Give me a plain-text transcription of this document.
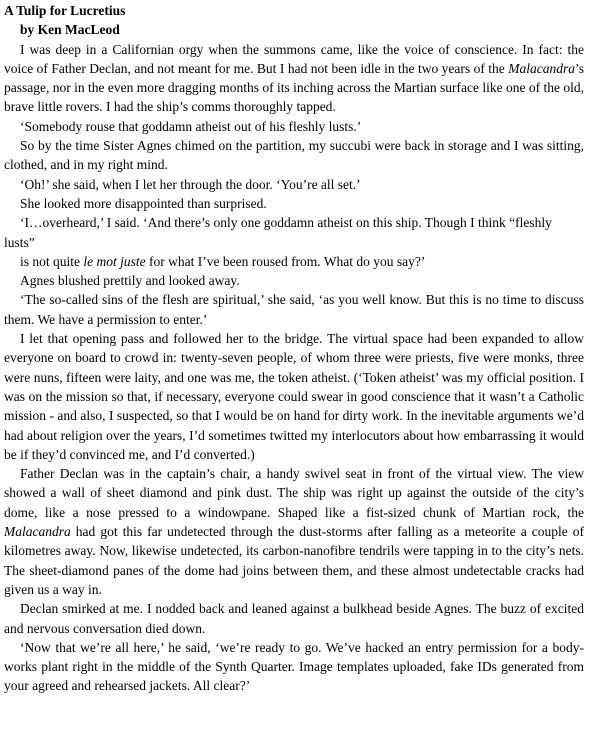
A Tulip for Lucretius

by Ken MacLeod

I was deep in a Californian orgy when the summons came, like the voice of conscience. In fact: the voice of Father Declan, and not meant for me. But I had not been idle in the two years of the Malacandra’s passage, nor in the even more dragging months of its inching across the Martian surface like one of the old, brave little rovers. I had the ship’s comms thoroughly tapped.

‘Somebody rouse that goddamn atheist out of his fleshly lusts.’

So by the time Sister Agnes chimed on the partition, my succubi were back in storage and I was sitting, clothed, and in my right mind.

‘Oh!’ she said, when I let her through the door. ‘You’re all set.’

She looked more disappointed than surprised.

‘I…overheard,’ I said. ‘And there’s only one goddamn atheist on this ship. Though I think “fleshly lusts”

is not quite le mot juste for what I’ve been roused from. What do you say?’

Agnes blushed prettily and looked away.

‘The so-called sins of the flesh are spiritual,’ she said, ‘as you well know. But this is no time to discuss them. We have a permission to enter.’

I let that opening pass and followed her to the bridge. The virtual space had been expanded to allow everyone on board to crowd in: twenty-seven people, of whom three were priests, five were monks, three were nuns, fifteen were laity, and one was me, the token atheist. (‘Token atheist’ was my official position. I was on the mission so that, if necessary, everyone could swear in good conscience that it wasn’t a Catholic mission - and also, I suspected, so that I would be on hand for dirty work. In the inevitable arguments we’d had about religion over the years, I’d sometimes twitted my interlocutors about how embarrassing it would be if they’d convinced me, and I’d converted.)

Father Declan was in the captain’s chair, a handy swivel seat in front of the virtual view. The view showed a wall of sheet diamond and pink dust. The ship was right up against the outside of the city’s dome, like a nose pressed to a windowpane. Shaped like a fist-sized chunk of Martian rock, the Malacandra had got this far undetected through the dust-storms after falling as a meteorite a couple of kilometres away. Now, likewise undetected, its carbon-nanofibre tendrils were tapping in to the city’s nets. The sheet-diamond panes of the dome had joins between them, and these almost undetectable cracks had given us a way in.

Declan smirked at me. I nodded back and leaned against a bulkhead beside Agnes. The buzz of excited and nervous conversation died down.

‘Now that we’re all here,’ he said, ‘we’re ready to go. We’ve hacked an entry permission for a body-works plant right in the middle of the Synth Quarter. Image templates uploaded, fake IDs generated from your agreed and rehearsed jackets. All clear?’
